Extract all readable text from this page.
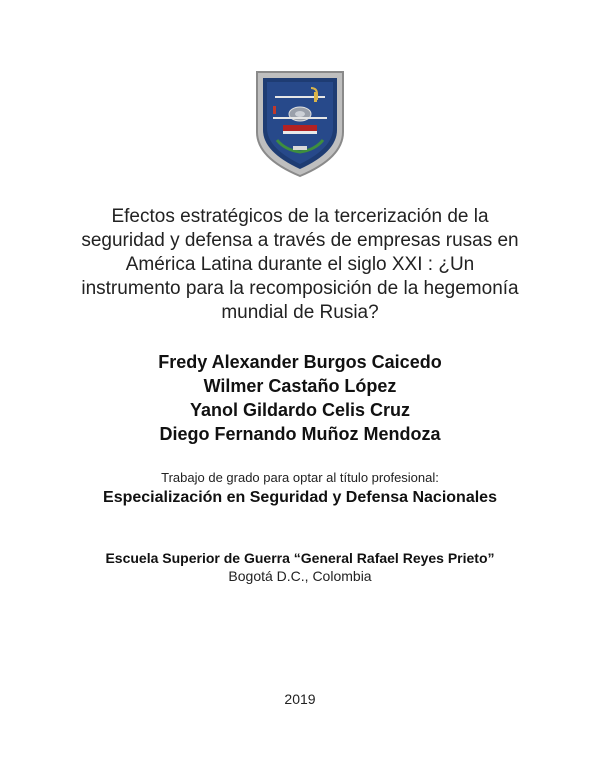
Efectos estratégicos de la tercerización de la
seguridad y defensa a través de empresas rusas en
América Latina durante el siglo XXI : ¿Un
instrumento para la recomposición de la hegemonía
mundial de Rusia?
Fredy Alexander Burgos Caicedo
Wilmer Castaño López
Yanol Gildardo Celis Cruz
Diego Fernando Muñoz Mendoza
Trabajo de grado para optar al título profesional:
Especialización en Seguridad y Defensa Nacionales
Escuela Superior de Guerra “General Rafael Reyes Prieto”
Bogotá D.C., Colombia
2019
